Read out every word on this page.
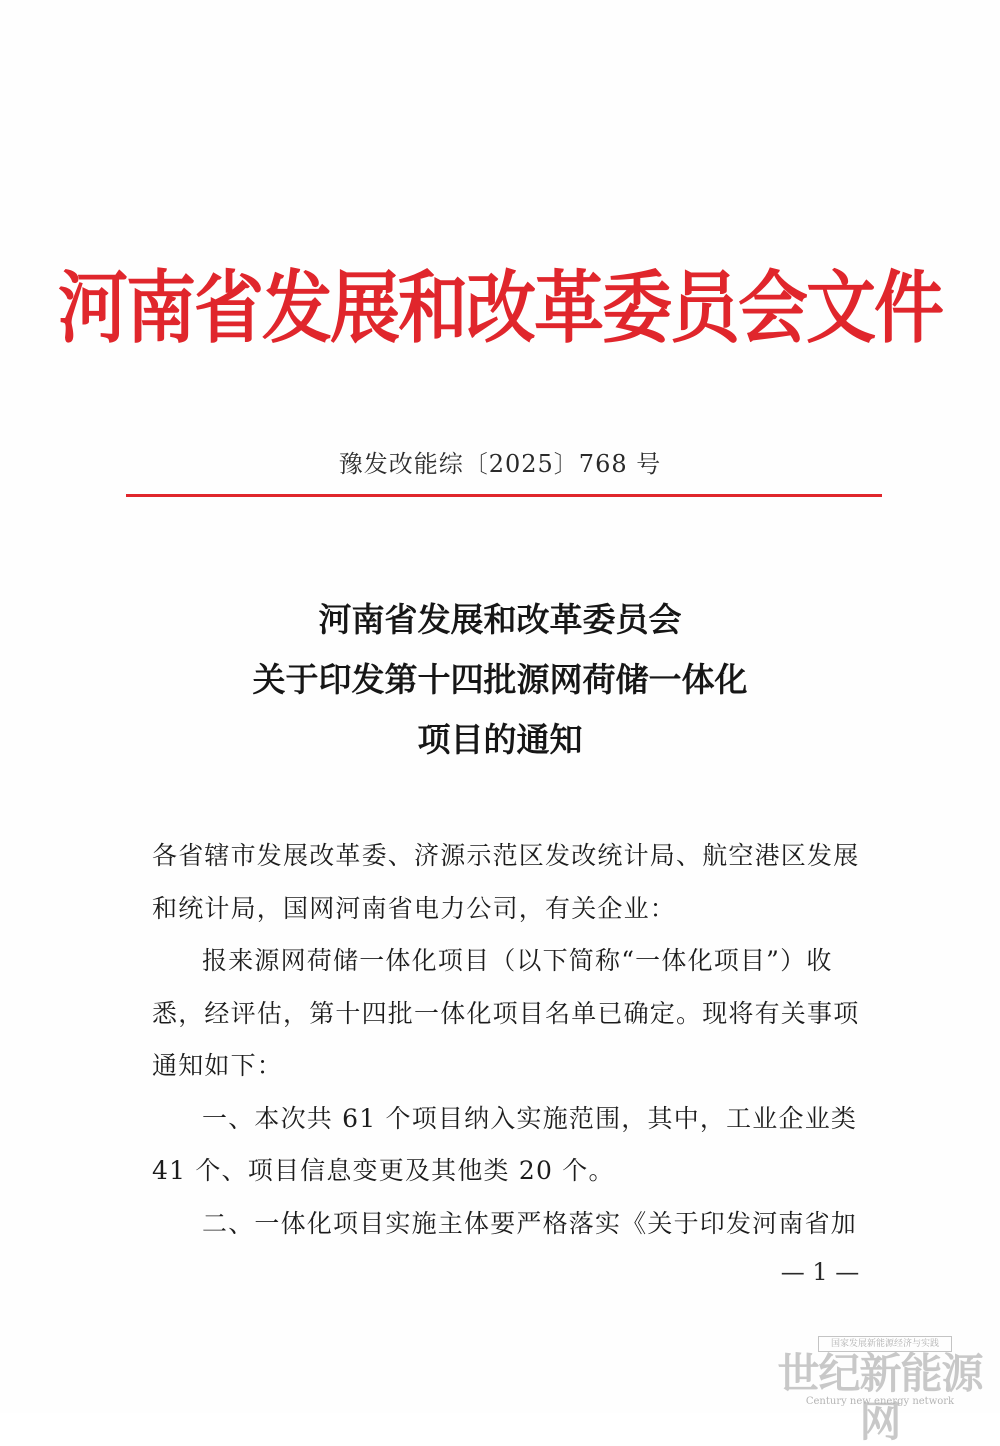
河南省发展和改革委员会文件
豫发改能综〔2025〕768 号
河南省发展和改革委员会
关于印发第十四批源网荷储一体化
项目的通知

各省辖市发展改革委、济源示范区发改统计局、航空港区发展和统计局，国网河南省电力公司，有关企业：

报来源网荷储一体化项目（以下简称“一体化项目”）收悉，经评估，第十四批一体化项目名单已确定。现将有关事项通知如下：

一、本次共 61 个项目纳入实施范围，其中，工业企业类 41 个、项目信息变更及其他类 20 个。

二、一体化项目实施主体要严格落实《关于印发河南省加

— 1 —
国家发展新能源经济与实践
世纪新能源网
Century new energy network
